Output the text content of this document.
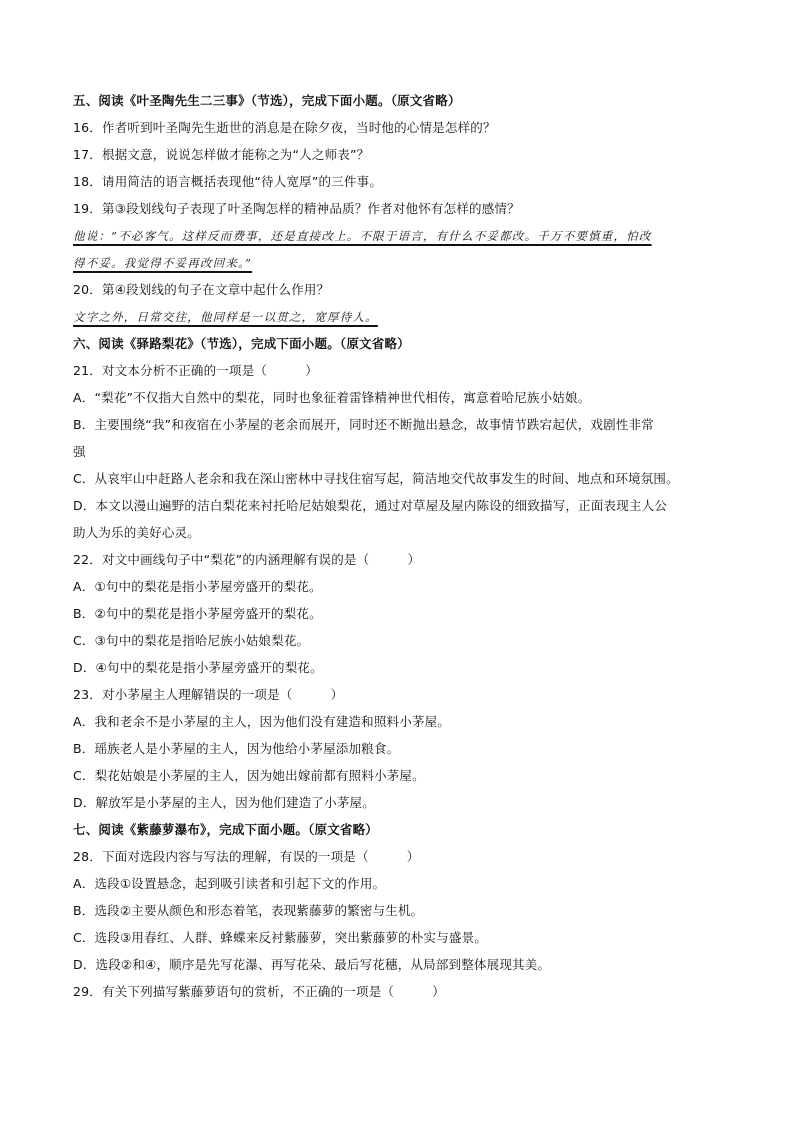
五、阅读《叶圣陶先生二三事》（节选），完成下面小题。（原文省略）
16．作者听到叶圣陶先生逝世的消息是在除夕夜，当时他的心情是怎样的？
17．根据文意，说说怎样做才能称之为“人之师表”？
18．请用简洁的语言概括表现他“待人宽厚”的三件事。
19．第③段划线句子表现了叶圣陶怎样的精神品质？作者对他怀有怎样的感情？
他说：“不必客气。这样反而费事，还是直接改上。不限于语言，有什么不妥都改。千万不要慎重，怕改
得不妥。我觉得不妥再改回来。”
20．第④段划线的句子在文章中起什么作用？
文字之外，日常交往，他同样是一以贯之，宽厚待人。
六、阅读《驿路梨花》（节选），完成下面小题。（原文省略）
21．对文本分析不正确的一项是（　　　）
A．“梨花”不仅指大自然中的梨花，同时也象征着雷锋精神世代相传，寓意着哈尼族小姑娘。
B．主要围绕“我”和夜宿在小茅屋的老余而展开，同时还不断抛出悬念，故事情节跌宕起伏，戏剧性非常
强
C．从哀牢山中赶路人老余和我在深山密林中寻找住宿写起，简洁地交代故事发生的时间、地点和环境氛围。
D．本文以漫山遍野的洁白梨花来衬托哈尼姑娘梨花，通过对草屋及屋内陈设的细致描写，正面表现主人公
助人为乐的美好心灵。
22．对文中画线句子中“梨花”的内涵理解有误的是（　　　）
A．①句中的梨花是指小茅屋旁盛开的梨花。
B．②句中的梨花是指小茅屋旁盛开的梨花。
C．③句中的梨花是指哈尼族小姑娘梨花。
D．④句中的梨花是指小茅屋旁盛开的梨花。
23．对小茅屋主人理解错误的一项是（　　　）
A．我和老余不是小茅屋的主人，因为他们没有建造和照料小茅屋。
B．瑶族老人是小茅屋的主人，因为他给小茅屋添加粮食。
C．梨花姑娘是小茅屋的主人，因为她出嫁前都有照料小茅屋。
D．解放军是小茅屋的主人，因为他们建造了小茅屋。
七、阅读《紫藤萝瀑布》，完成下面小题。（原文省略）
28．下面对选段内容与写法的理解，有误的一项是（　　　）
A．选段①设置悬念，起到吸引读者和引起下文的作用。
B．选段②主要从颜色和形态着笔，表现紫藤萝的繁密与生机。
C．选段③用春红、人群、蜂蝶来反衬紫藤萝，突出紫藤萝的朴实与盛景。
D．选段②和④，顺序是先写花瀑、再写花朵、最后写花穗，从局部到整体展现其美。
29．有关下列描写紫藤萝语句的赏析，不正确的一项是（　　　）
